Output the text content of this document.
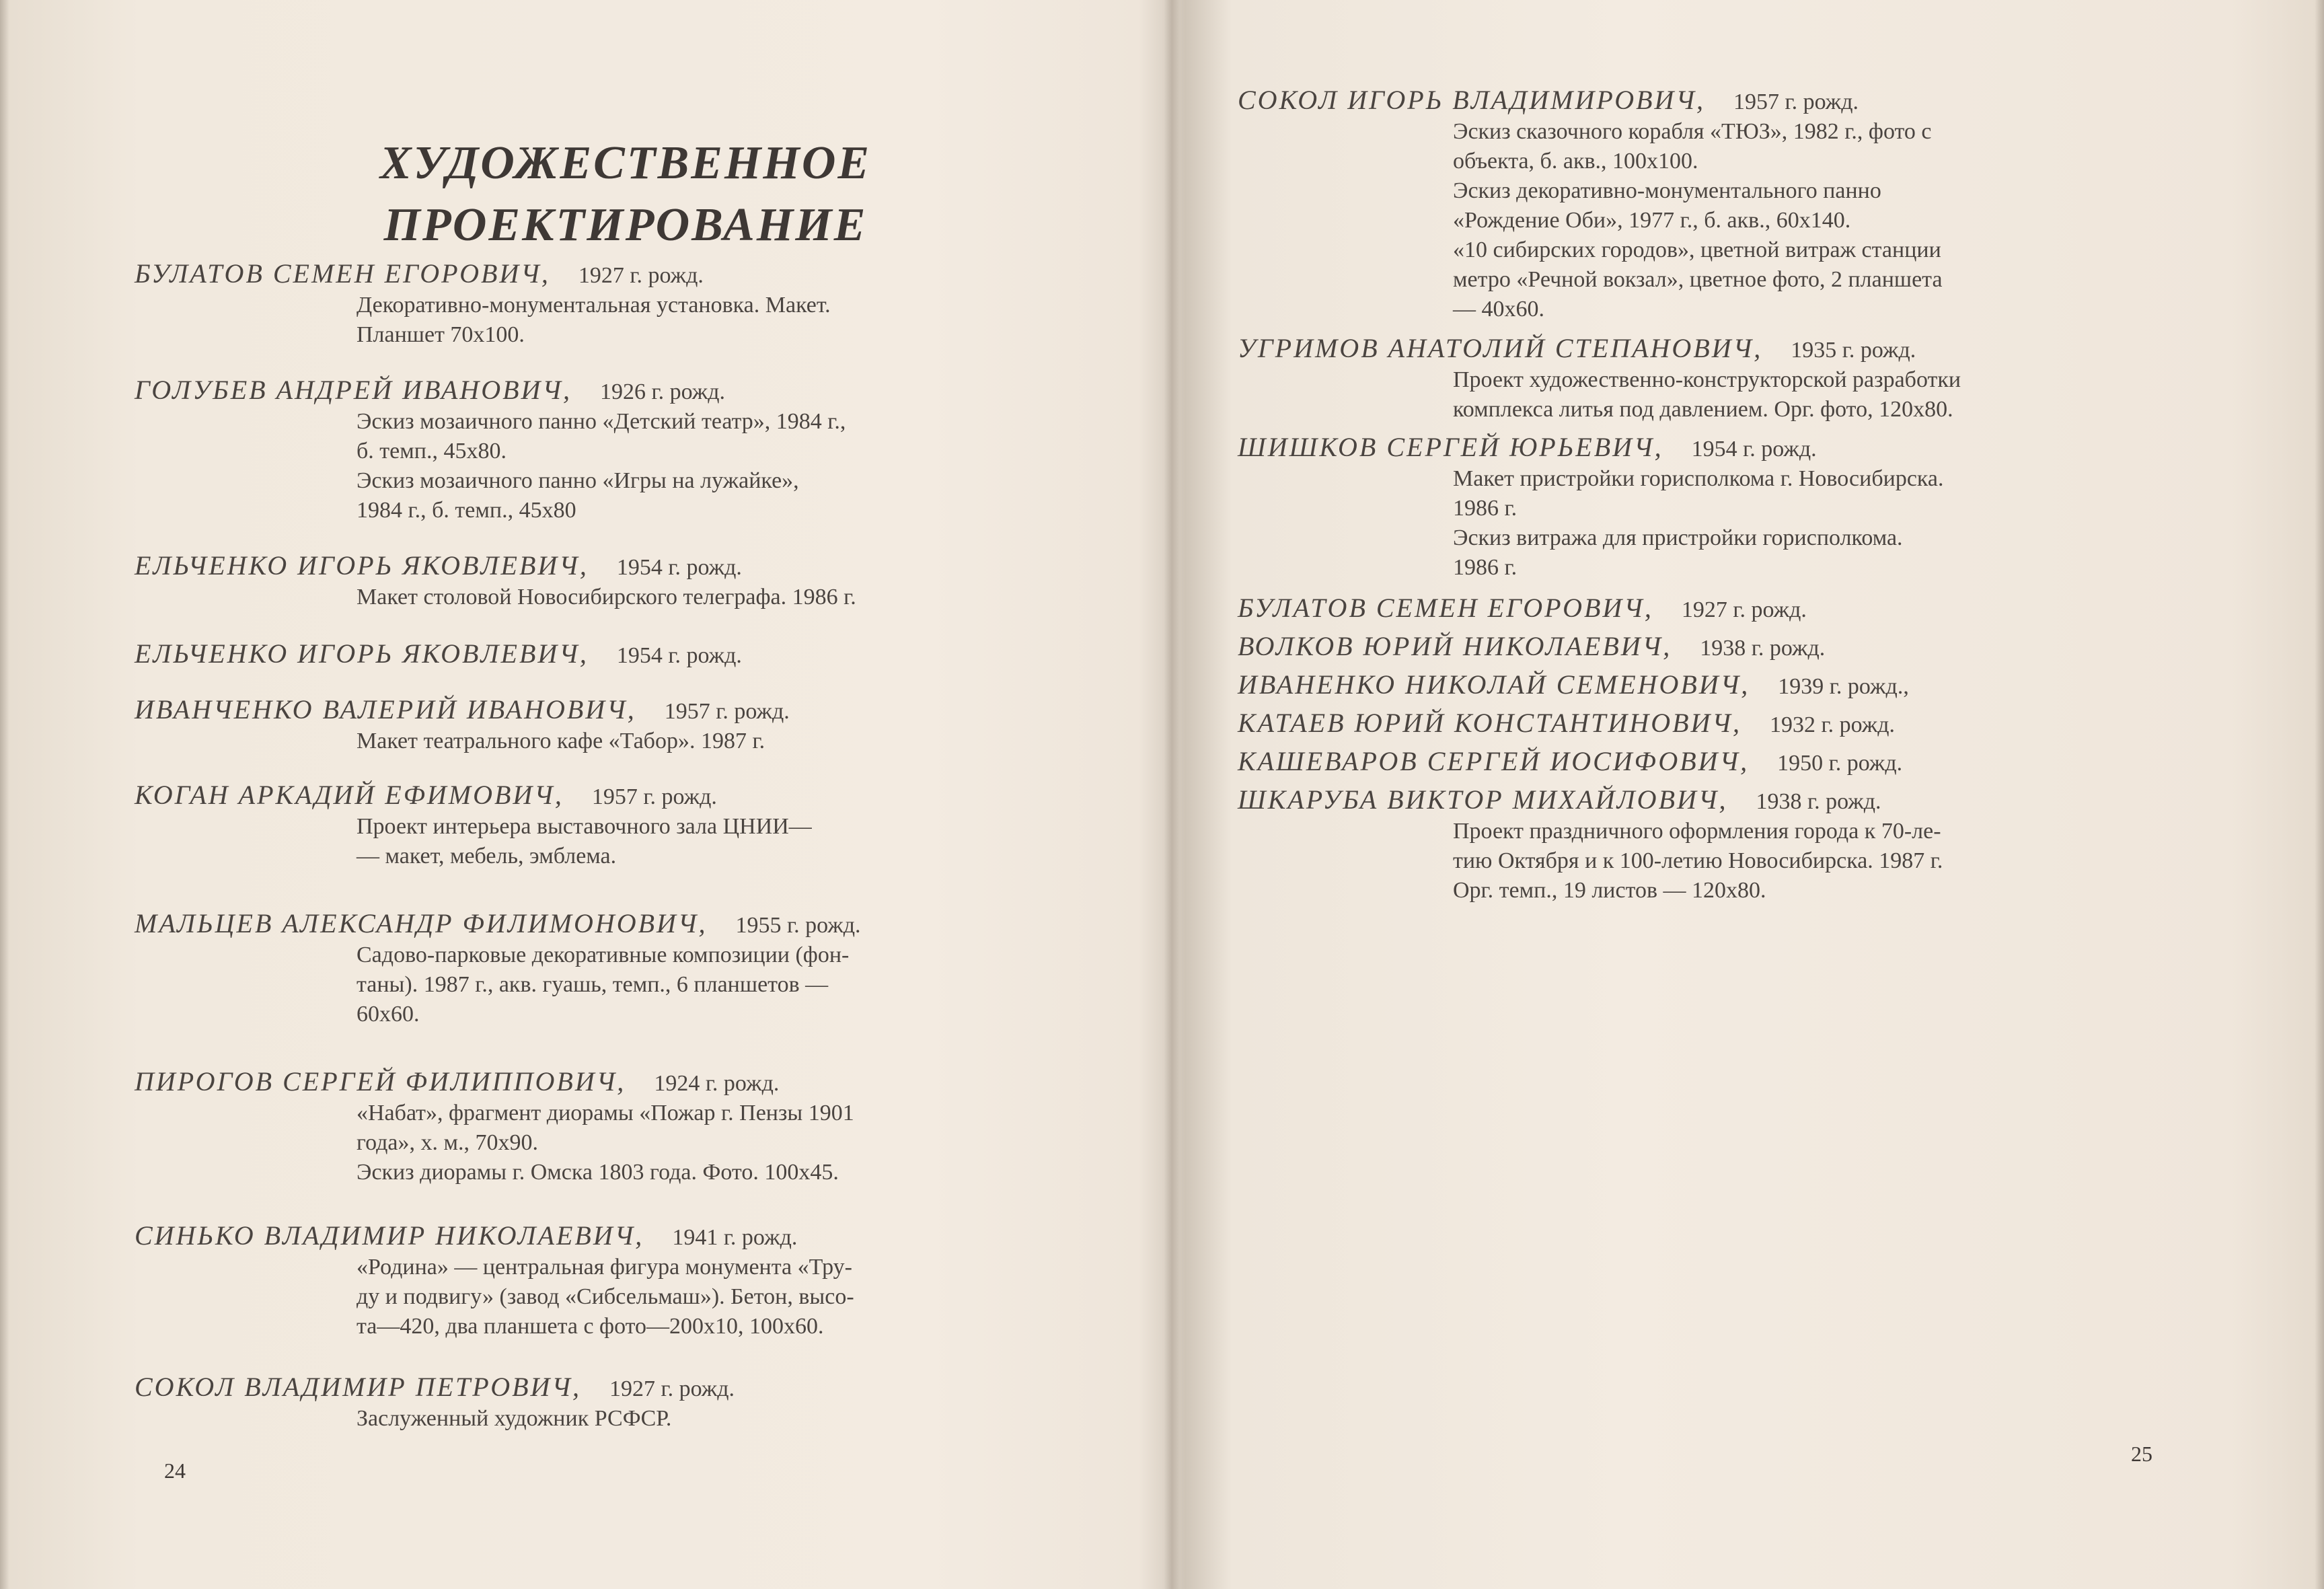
ХУДОЖЕСТВЕННОЕ
ПРОЕКТИРОВАНИЕ
БУЛАТОВ СЕМЕН ЕГОРОВИЧ, 1927 г. рожд.
Декоративно-монументальная установка. Макет.
Планшет 70x100.
ГОЛУБЕВ АНДРЕЙ ИВАНОВИЧ, 1926 г. рожд.
Эскиз мозаичного панно «Детский театр», 1984 г.,
б. темп., 45x80.
Эскиз мозаичного панно «Игры на лужайке»,
1984 г., б. темп., 45x80
ЕЛЬЧЕНКО ИГОРЬ ЯКОВЛЕВИЧ, 1954 г. рожд.
Макет столовой Новосибирского телеграфа. 1986 г.
ЕЛЬЧЕНКО ИГОРЬ ЯКОВЛЕВИЧ, 1954 г. рожд.
ИВАНЧЕНКО ВАЛЕРИЙ ИВАНОВИЧ, 1957 г. рожд.
Макет театрального кафе «Табор». 1987 г.
КОГАН АРКАДИЙ ЕФИМОВИЧ, 1957 г. рожд.
Проект интерьера выставочного зала ЦНИИ—
— макет, мебель, эмблема.
МАЛЬЦЕВ АЛЕКСАНДР ФИЛИМОНОВИЧ, 1955 г. рожд.
Садово-парковые декоративные композиции (фон-
таны). 1987 г., акв. гуашь, темп., 6 планшетов —
60x60.
ПИРОГОВ СЕРГЕЙ ФИЛИППОВИЧ, 1924 г. рожд.
«Набат», фрагмент диорамы «Пожар г. Пензы 1901
года», х. м., 70x90.
Эскиз диорамы г. Омска 1803 года. Фото. 100x45.
СИНЬКО ВЛАДИМИР НИКОЛАЕВИЧ, 1941 г. рожд.
«Родина» — центральная фигура монумента «Тру-
ду и подвигу» (завод «Сибсельмаш»). Бетон, высо-
та—420, два планшета с фото—200x10, 100x60.
СОКОЛ ВЛАДИМИР ПЕТРОВИЧ, 1927 г. рожд.
Заслуженный художник РСФСР.
СОКОЛ ИГОРЬ ВЛАДИМИРОВИЧ, 1957 г. рожд.
Эскиз сказочного корабля «ТЮЗ», 1982 г., фото с
объекта, б. акв., 100x100.
Эскиз декоративно-монументального панно
«Рождение Оби», 1977 г., б. акв., 60x140.
«10 сибирских городов», цветной витраж станции
метро «Речной вокзал», цветное фото, 2 планшета
— 40x60.
УГРИМОВ АНАТОЛИЙ СТЕПАНОВИЧ, 1935 г. рожд.
Проект художественно-конструкторской разработки
комплекса литья под давлением. Орг. фото, 120x80.
ШИШКОВ СЕРГЕЙ ЮРЬЕВИЧ, 1954 г. рожд.
Макет пристройки горисполкома г. Новосибирска.
1986 г.
Эскиз витража для пристройки горисполкома.
1986 г.
БУЛАТОВ СЕМЕН ЕГОРОВИЧ, 1927 г. рожд.
ВОЛКОВ ЮРИЙ НИКОЛАЕВИЧ, 1938 г. рожд.
ИВАНЕНКО НИКОЛАЙ СЕМЕНОВИЧ, 1939 г. рожд.,
КАТАЕВ ЮРИЙ КОНСТАНТИНОВИЧ, 1932 г. рожд.
КАШЕВАРОВ СЕРГЕЙ ИОСИФОВИЧ, 1950 г. рожд.
ШКАРУБА ВИКТОР МИХАЙЛОВИЧ, 1938 г. рожд.
Проект праздничного оформления города к 70-ле-
тию Октября и к 100-летию Новосибирска. 1987 г.
Орг. темп., 19 листов — 120x80.
24
25
